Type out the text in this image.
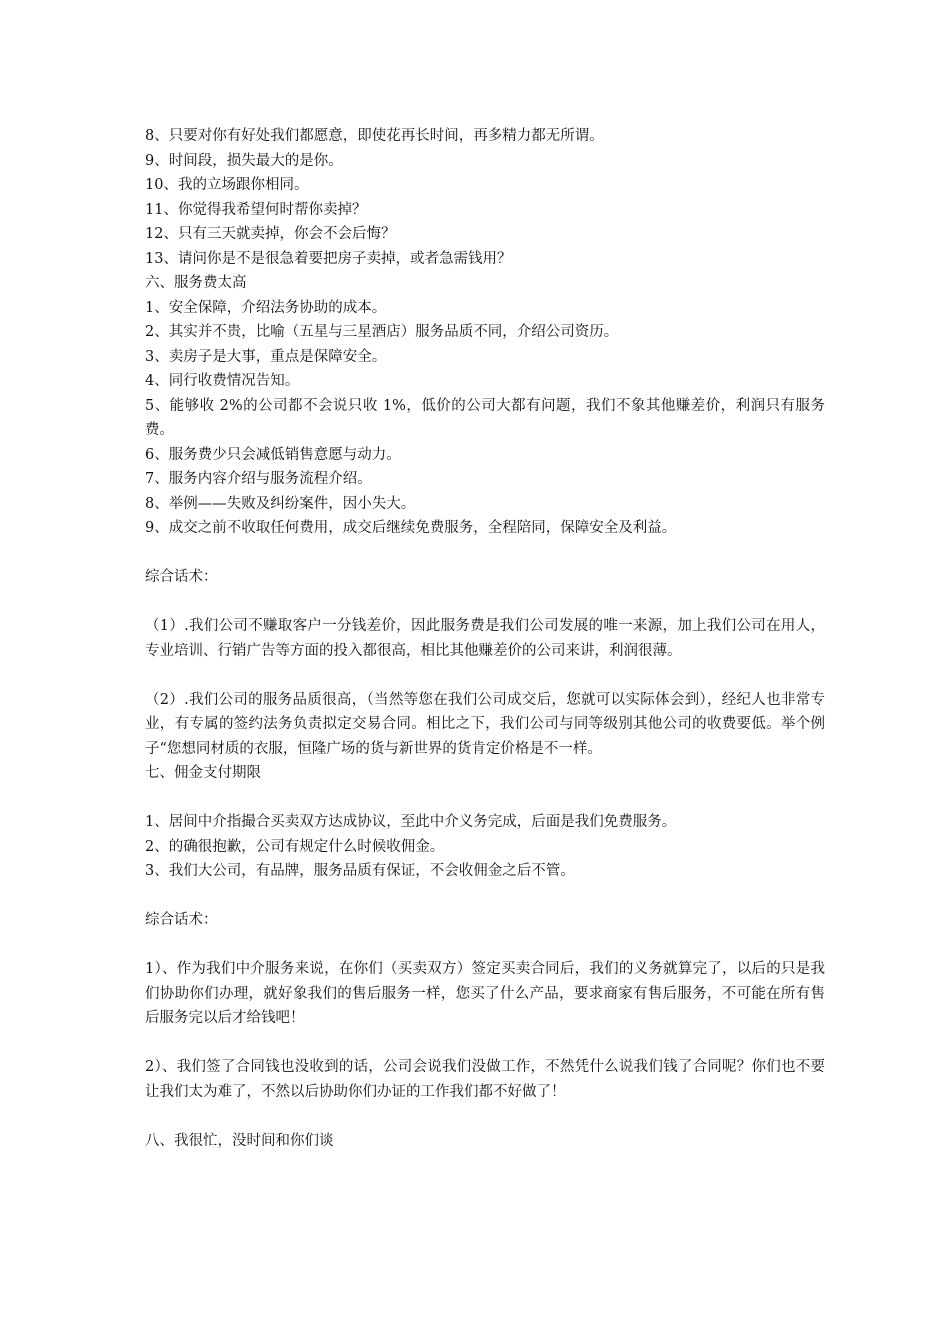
8、只要对你有好处我们都愿意，即使花再长时间，再多精力都无所谓。
9、时间段，损失最大的是你。
10、我的立场跟你相同。
11、你觉得我希望何时帮你卖掉？
12、只有三天就卖掉，你会不会后悔？
13、请问你是不是很急着要把房子卖掉，或者急需钱用？
六、服务费太高
1、安全保障，介绍法务协助的成本。
2、其实并不贵，比喻（五星与三星酒店）服务品质不同，介绍公司资历。
3、卖房子是大事，重点是保障安全。
4、同行收费情况告知。
5、能够收 2%的公司都不会说只收 1%，低价的公司大都有问题，我们不象其他赚差价，利润只有服务费。
6、服务费少只会减低销售意愿与动力。
7、服务内容介绍与服务流程介绍。
8、举例——失败及纠纷案件，因小失大。
9、成交之前不收取任何费用，成交后继续免费服务，全程陪同，保障安全及利益。
综合话术：
（1）.我们公司不赚取客户一分钱差价，因此服务费是我们公司发展的唯一来源，加上我们公司在用人，专业培训、行销广告等方面的投入都很高，相比其他赚差价的公司来讲，利润很薄。
（2）.我们公司的服务品质很高，（当然等您在我们公司成交后，您就可以实际体会到），经纪人也非常专业，有专属的签约法务负责拟定交易合同。相比之下，我们公司与同等级别其他公司的收费要低。举个例子“您想同材质的衣服，恒隆广场的货与新世界的货肯定价格是不一样。
七、佣金支付期限
1、居间中介指撮合买卖双方达成协议，至此中介义务完成，后面是我们免费服务。
2、的确很抱歉，公司有规定什么时候收佣金。
3、我们大公司，有品牌，服务品质有保证，不会收佣金之后不管。
综合话术：
1）、作为我们中介服务来说，在你们（买卖双方）签定买卖合同后，我们的义务就算完了，以后的只是我们协助你们办理，就好象我们的售后服务一样，您买了什么产品，要求商家有售后服务，不可能在所有售后服务完以后才给钱吧！
2）、我们签了合同钱也没收到的话，公司会说我们没做工作，不然凭什么说我们钱了合同呢？你们也不要让我们太为难了，不然以后协助你们办证的工作我们都不好做了！
八、我很忙，没时间和你们谈
